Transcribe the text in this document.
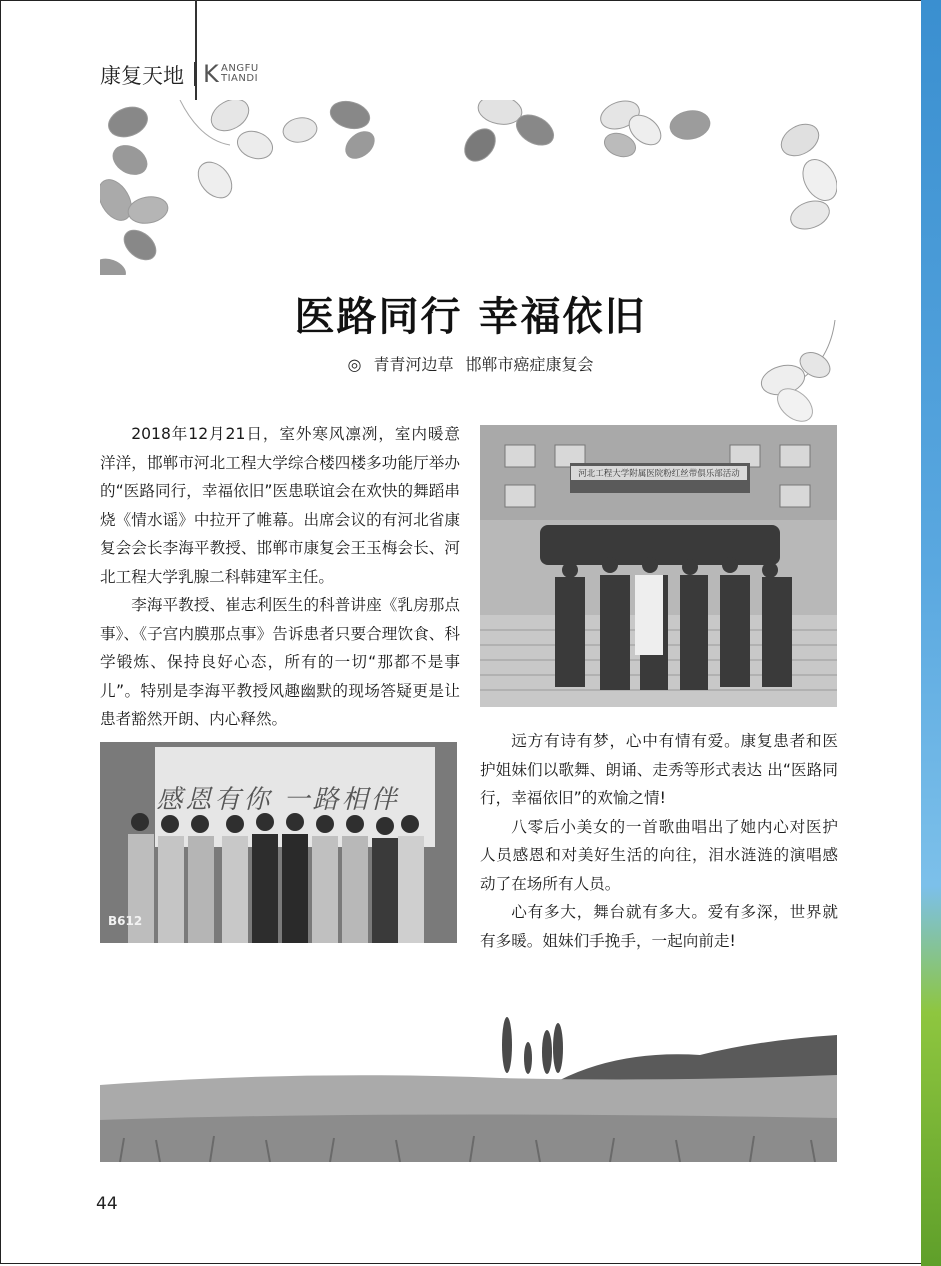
康复天地 K ANGFU
TIANDI
医路同行 幸福依旧
◎ 青青河边草 邯郸市癌症康复会

2018年12月21日，室外寒风凛冽，室内暖意洋洋，邯郸市河北工程大学综合楼四楼多功能厅举办的“医路同行，幸福依旧”医患联谊会在欢快的舞蹈串烧《情水谣》中拉开了帷幕。出席会议的有河北省康复会会长李海平教授、邯郸市康复会王玉梅会长、河北工程大学乳腺二科韩建军主任。

李海平教授、崔志利医生的科普讲座《乳房那点事》、《子宫内膜那点事》告诉患者只要合理饮食、科学锻炼、保持良好心态，所有的一切“那都不是事儿”。特别是李海平教授风趣幽默的现场答疑更是让患者豁然开朗、内心释然。

河北工程大学附属医院粉红丝带俱乐部活动
感恩有你 一路相伴
B612

远方有诗有梦，心中有情有爱。康复患者和医护姐妹们以歌舞、朗诵、走秀等形式表达 出“医路同行，幸福依旧”的欢愉之情!

八零后小美女的一首歌曲唱出了她内心对医护人员感恩和对美好生活的向往，泪水涟涟的演唱感动了在场所有人员。

心有多大，舞台就有多大。爱有多深，世界就有多暖。姐妹们手挽手，一起向前走!

44
